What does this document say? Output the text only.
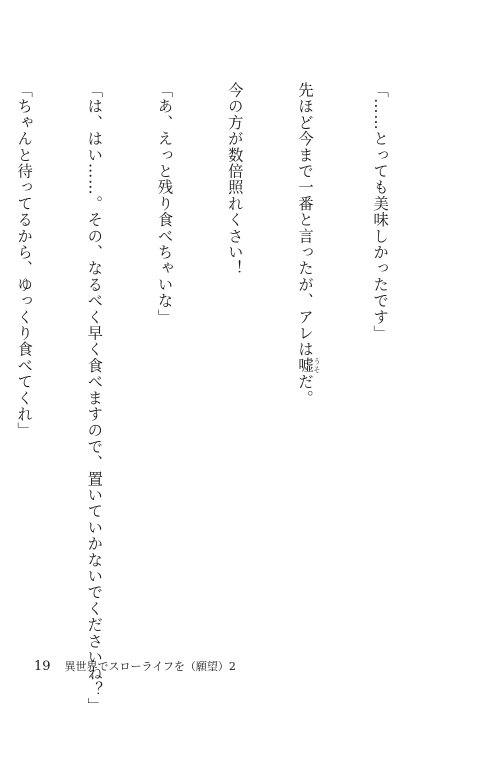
「……とっても美味しかったです」

先ほど今まで一番と言ったが、アレは嘘 うそだ。

今の方が数倍照れくさい！

「あ、えっと残り食べちゃいな」

「は、はい……。その、なるべく早く食べますので、置いていかないでくださいね？」

「ちゃんと待ってるから、ゆっくり食べてくれ」

19 異世界でスローライフを（願望）2
